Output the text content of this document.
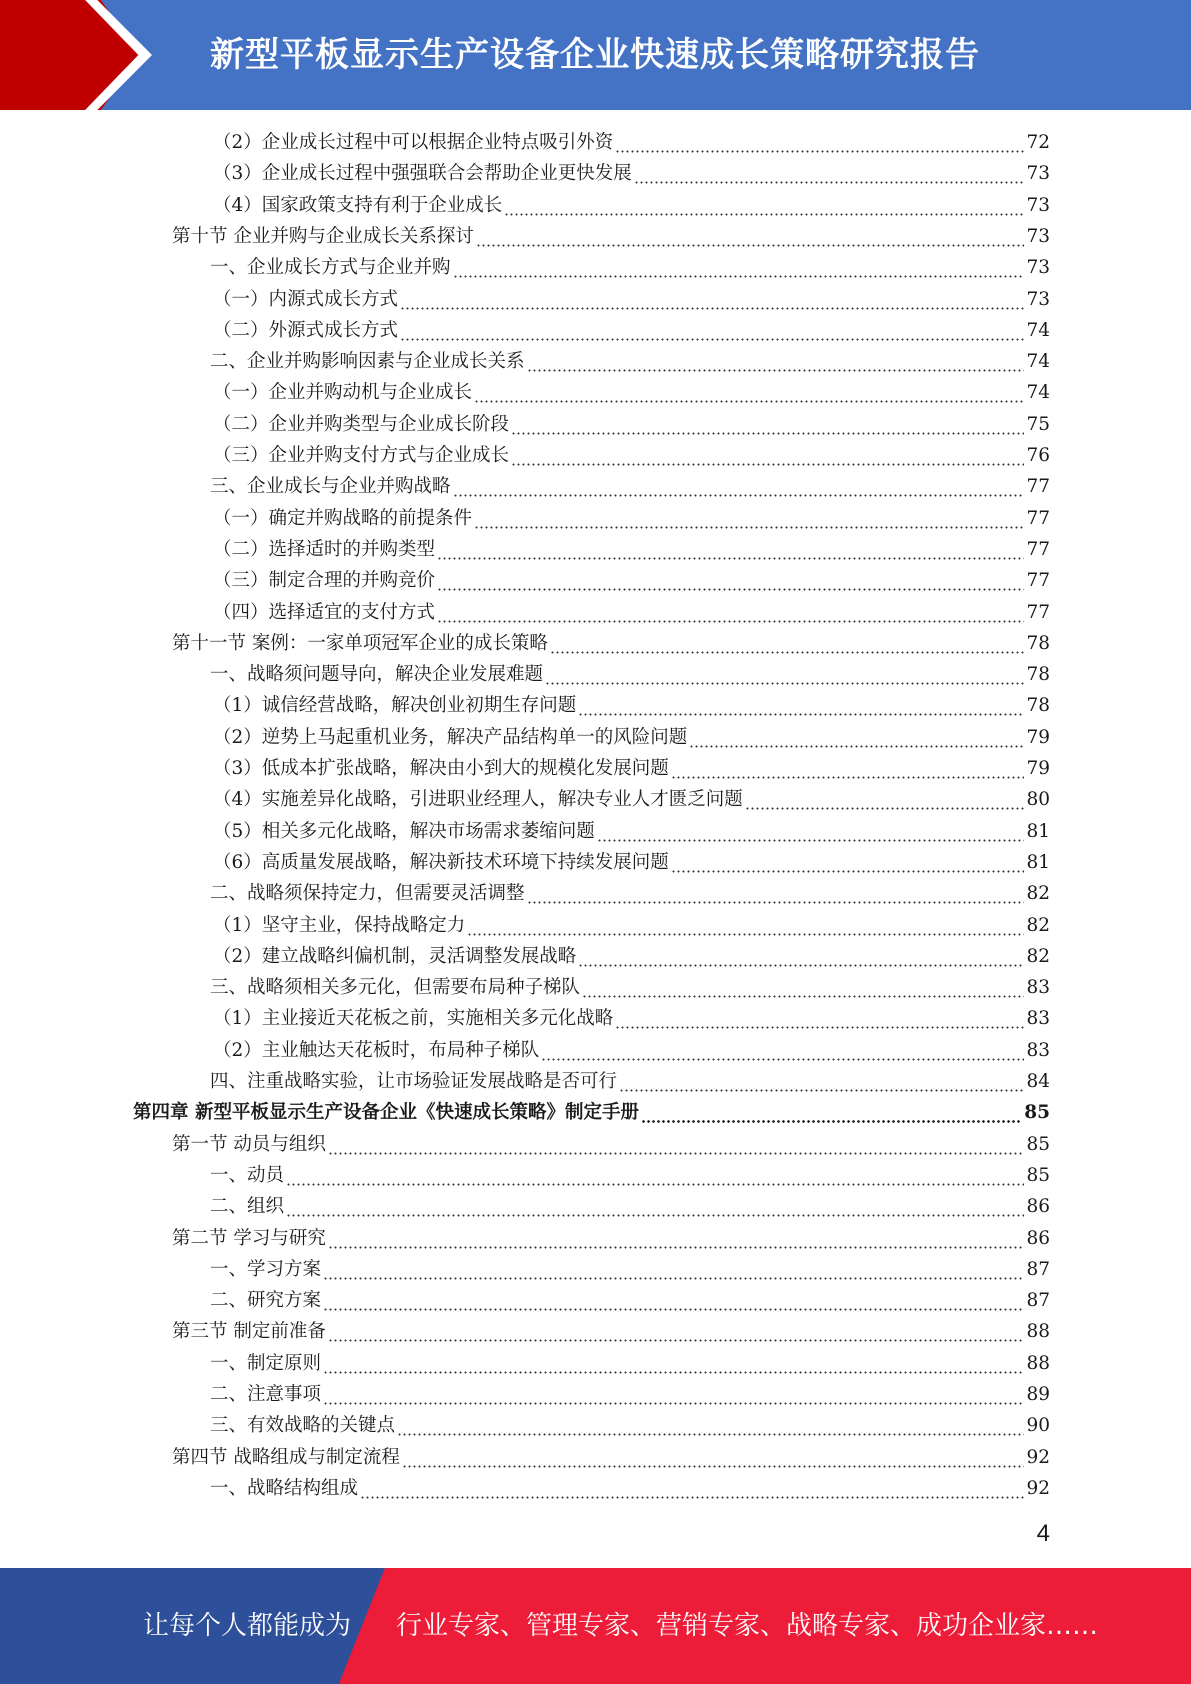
新型平板显示生产设备企业快速成长策略研究报告
（2）企业成长过程中可以根据企业特点吸引外资	72
（3）企业成长过程中强强联合会帮助企业更快发展	73
（4）国家政策支持有利于企业成长	73
第十节 企业并购与企业成长关系探讨	73
一、企业成长方式与企业并购	73
（一）内源式成长方式	73
（二）外源式成长方式	74
二、企业并购影响因素与企业成长关系	74
（一）企业并购动机与企业成长	74
（二）企业并购类型与企业成长阶段	75
（三）企业并购支付方式与企业成长	76
三、企业成长与企业并购战略	77
（一）确定并购战略的前提条件	77
（二）选择适时的并购类型	77
（三）制定合理的并购竞价	77
（四）选择适宜的支付方式	77
第十一节 案例：一家单项冠军企业的成长策略	78
一、战略须问题导向，解决企业发展难题	78
（1）诚信经营战略，解决创业初期生存问题	78
（2）逆势上马起重机业务，解决产品结构单一的风险问题	79
（3）低成本扩张战略，解决由小到大的规模化发展问题	79
（4）实施差异化战略，引进职业经理人，解决专业人才匮乏问题	80
（5）相关多元化战略，解决市场需求萎缩问题	81
（6）高质量发展战略，解决新技术环境下持续发展问题	81
二、战略须保持定力，但需要灵活调整	82
（1）坚守主业，保持战略定力	82
（2）建立战略纠偏机制，灵活调整发展战略	82
三、战略须相关多元化，但需要布局种子梯队	83
（1）主业接近天花板之前，实施相关多元化战略	83
（2）主业触达天花板时，布局种子梯队	83
四、注重战略实验，让市场验证发展战略是否可行	84
第四章 新型平板显示生产设备企业《快速成长策略》制定手册	85
第一节 动员与组织	85
一、动员	85
二、组织	86
第二节 学习与研究	86
一、学习方案	87
二、研究方案	87
第三节 制定前准备	88
一、制定原则	88
二、注意事项	89
三、有效战略的关键点	90
第四节 战略组成与制定流程	92
一、战略结构组成	92
4
让每个人都能成为 行业专家、管理专家、营销专家、战略专家、成功企业家……
